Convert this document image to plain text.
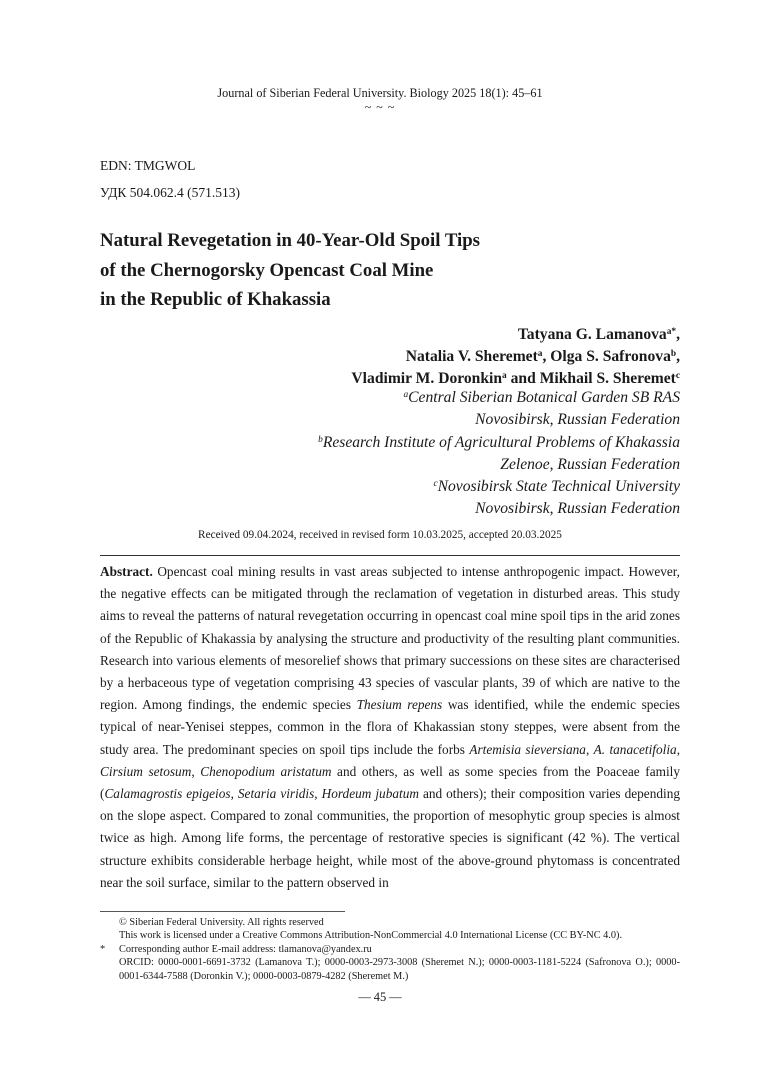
Journal of Siberian Federal University. Biology 2025 18(1): 45–61

~ ~ ~

EDN: TMGWOL

УДК 504.062.4 (571.513)

Natural Revegetation in 40-Year-Old Spoil Tips
of the Chernogorsky Opencast Coal Mine
in the Republic of Khakassia
Tatyana G. Lamanova$^{a*}$,
Natalia V. Sheremet$^a$, Olga S. Safronova$^b$,
Vladimir M. Doronkin$^a$ and Mikhail S. Sheremet$^c$
$^a$Central Siberian Botanical Garden SB RAS
Novosibirsk, Russian Federation
$^b$Research Institute of Agricultural Problems of Khakassia
Zelenoe, Russian Federation
$^c$Novosibirsk State Technical University
Novosibirsk, Russian Federation

Received 09.04.2024, received in revised form 10.03.2025, accepted 20.03.2025

Abstract. Opencast coal mining results in vast areas subjected to intense anthropogenic impact. However, the negative effects can be mitigated through the reclamation of vegetation in disturbed areas. This study aims to reveal the patterns of natural revegetation occurring in opencast coal mine spoil tips in the arid zones of the Republic of Khakassia by analysing the structure and productivity of the resulting plant communities. Research into various elements of mesorelief shows that primary successions on these sites are characterised by a herbaceous type of vegetation comprising 43 species of vascular plants, 39 of which are native to the region. Among findings, the endemic species Thesium repens was identified, while the endemic species typical of near-Yenisei steppes, common in the flora of Khakassian stony steppes, were absent from the study area. The predominant species on spoil tips include the forbs Artemisia sieversiana, A. tanacetifolia, Cirsium setosum, Chenopodium aristatum and others, as well as some species from the Poaceae family (Calamagrostis epigeios, Setaria viridis, Hordeum jubatum and others); their composition varies depending on the slope aspect. Compared to zonal communities, the proportion of mesophytic group species is almost twice as high. Among life forms, the percentage of restorative species is significant (42 %). The vertical structure exhibits considerable herbage height, while most of the above-ground phytomass is concentrated near the soil surface, similar to the pattern observed in

© Siberian Federal University. All rights reserved
This work is licensed under a Creative Commons Attribution-NonCommercial 4.0 International License (CC BY-NC 4.0).
* Corresponding author E-mail address: tlamanova@yandex.ru
ORCID: 0000-0001-6691-3732 (Lamanova T.); 0000-0003-2973-3008 (Sheremet N.); 0000-0003-1181-5224 (Safronova O.); 0000-0001-6344-7588 (Doronkin V.); 0000-0003-0879-4282 (Sheremet M.)

— 45 —
